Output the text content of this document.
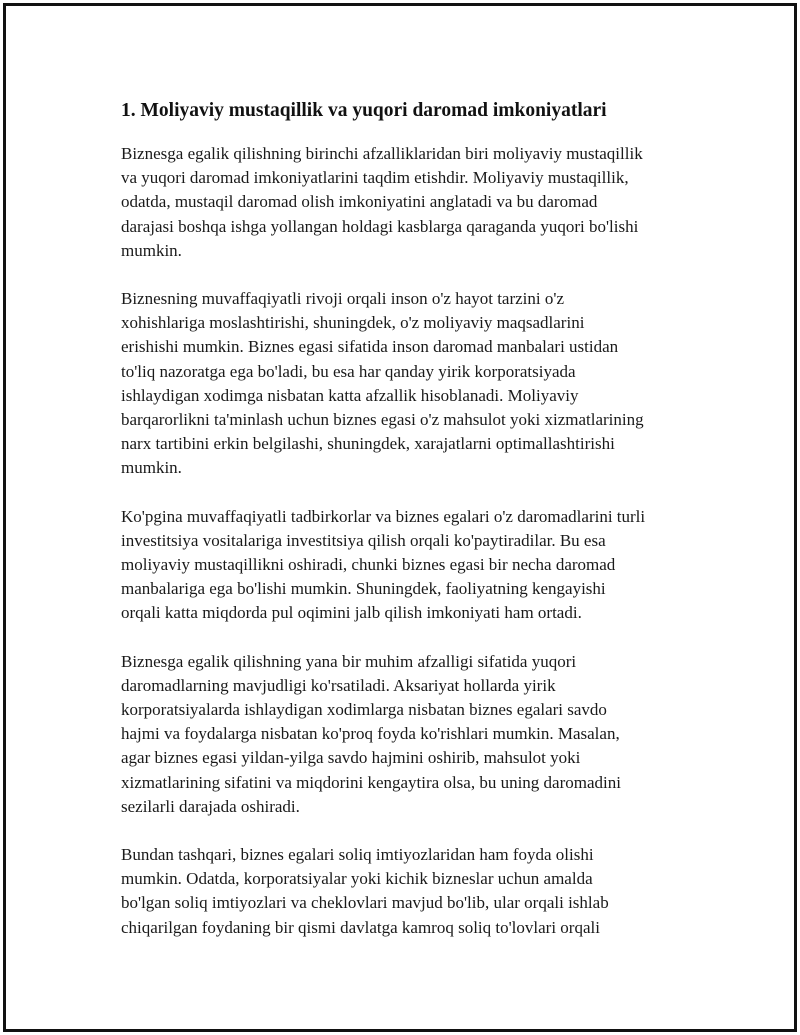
1. Moliyaviy mustaqillik va yuqori daromad imkoniyatlari

Biznesga egalik qilishning birinchi afzalliklaridan biri moliyaviy mustaqillik
va yuqori daromad imkoniyatlarini taqdim etishdir. Moliyaviy mustaqillik,
odatda, mustaqil daromad olish imkoniyatini anglatadi va bu daromad
darajasi boshqa ishga yollangan holdagi kasblarga qaraganda yuqori bo'lishi
mumkin.

Biznesning muvaffaqiyatli rivoji orqali inson o'z hayot tarzini o'z
xohishlariga moslashtirishi, shuningdek, o'z moliyaviy maqsadlarini
erishishi mumkin. Biznes egasi sifatida inson daromad manbalari ustidan
to'liq nazoratga ega bo'ladi, bu esa har qanday yirik korporatsiyada
ishlaydigan xodimga nisbatan katta afzallik hisoblanadi. Moliyaviy
barqarorlikni ta'minlash uchun biznes egasi o'z mahsulot yoki xizmatlarining
narx tartibini erkin belgilashi, shuningdek, xarajatlarni optimallashtirishi
mumkin.

Ko'pgina muvaffaqiyatli tadbirkorlar va biznes egalari o'z daromadlarini turli
investitsiya vositalariga investitsiya qilish orqali ko'paytiradilar. Bu esa
moliyaviy mustaqillikni oshiradi, chunki biznes egasi bir necha daromad
manbalariga ega bo'lishi mumkin. Shuningdek, faoliyatning kengayishi
orqali katta miqdorda pul oqimini jalb qilish imkoniyati ham ortadi.

Biznesga egalik qilishning yana bir muhim afzalligi sifatida yuqori
daromadlarning mavjudligi ko'rsatiladi. Aksariyat hollarda yirik
korporatsiyalarda ishlaydigan xodimlarga nisbatan biznes egalari savdo
hajmi va foydalarga nisbatan ko'proq foyda ko'rishlari mumkin. Masalan,
agar biznes egasi yildan-yilga savdo hajmini oshirib, mahsulot yoki
xizmatlarining sifatini va miqdorini kengaytira olsa, bu uning daromadini
sezilarli darajada oshiradi.

Bundan tashqari, biznes egalari soliq imtiyozlaridan ham foyda olishi
mumkin. Odatda, korporatsiyalar yoki kichik bizneslar uchun amalda
bo'lgan soliq imtiyozlari va cheklovlari mavjud bo'lib, ular orqali ishlab
chiqarilgan foydaning bir qismi davlatga kamroq soliq to'lovlari orqali
